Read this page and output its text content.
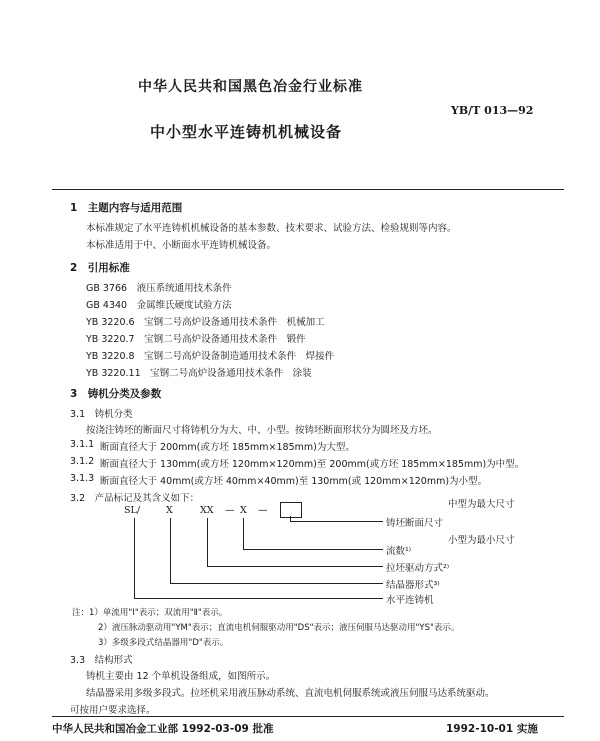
中华人民共和国黑色冶金行业标准
YB/T 013—92
中小型水平连铸机机械设备
1　主题内容与适用范围
本标准规定了水平连铸机机械设备的基本参数、技术要求、试验方法、检验规则等内容。
本标准适用于中、小断面水平连铸机械设备。
2　引用标准
GB 3766　液压系统通用技术条件
GB 4340　金属维氏硬度试验方法
YB 3220.6　宝钢二号高炉设备通用技术条件　机械加工
YB 3220.7　宝钢二号高炉设备通用技术条件　锻件
YB 3220.8　宝钢二号高炉设备制造通用技术条件　焊接件
YB 3220.11　宝钢二号高炉设备通用技术条件　涂装
3　铸机分类及参数
3.1　铸机分类
按浇注铸坯的断面尺寸将铸机分为大、中、小型。按铸坯断面形状分为圆坯及方坯。
3.1.1 断面直径大于 200mm(或方坯 185mm×185mm)为大型。
3.1.2 断面直径大于 130mm(或方坯 120mm×120mm)至 200mm(或方坯 185mm×185mm)为中型。
3.1.3 断面直径大于 40mm(或方坯 40mm×40mm)至 130mm(或 120mm×120mm)为小型。
3.2　产品标记及其含义如下：
SL/	X	XX — X —
中型为最大尺寸
铸坯断面尺寸
小型为最小尺寸
流数¹⁾
拉坯驱动方式²⁾
结晶器形式³⁾
水平连铸机
注：1）单流用"Ⅰ"表示；双流用"Ⅱ"表示。
2）液压脉动驱动用"YM"表示；直流电机伺服驱动用"DS"表示；液压伺服马达驱动用"YS"表示。
3）多级多段式结晶器用"D"表示。
3.3　结构形式
铸机主要由 12 个单机设备组成，如图所示。
结晶器采用多级多段式。拉坯机采用液压脉动系统、直流电机伺服系统或液压伺服马达系统驱动。
可按用户要求选择。
中华人民共和国冶金工业部 1992-03-09 批准	1992-10-01 实施
